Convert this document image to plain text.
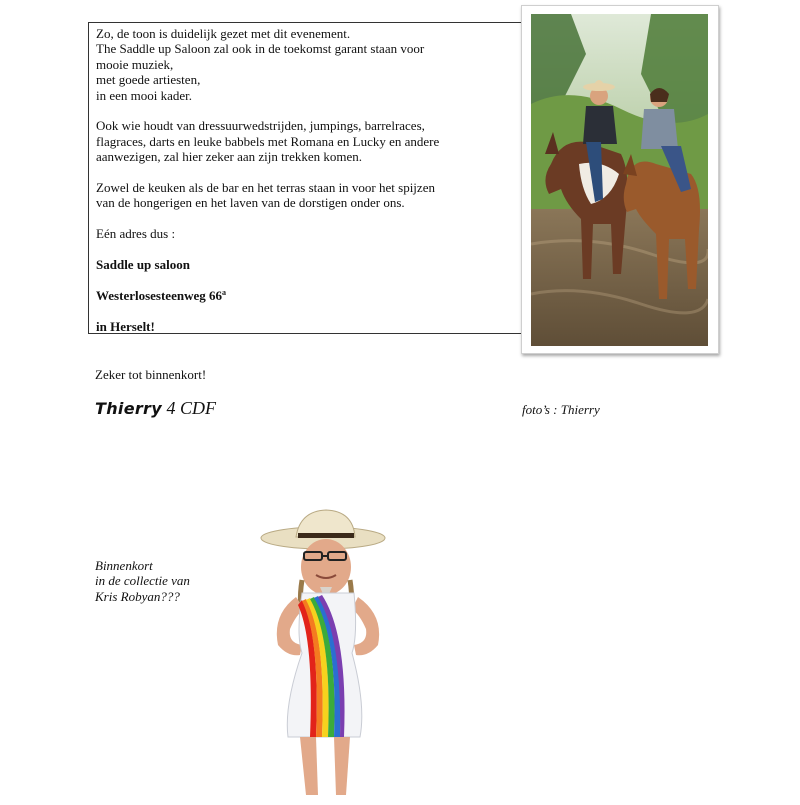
Zo, de toon is duidelijk gezet met dit evenement.
The Saddle up Saloon zal ook in de toekomst garant staan voor
mooie muziek,
met goede artiesten,
in een mooi kader.

Ook wie houdt van dressuurwedstrijden, jumpings, barrelraces,
flagraces, darts en leuke babbels met Romana en Lucky en andere
aanwezigen, zal hier zeker aan zijn trekken komen.

Zowel de keuken als de bar en het terras staan in voor het spijzen
van de hongerigen en het laven van de dorstigen onder ons.

Eén adres dus :

Saddle up saloon

Westerlosesteenweg 66$^a$

in Herselt!

Zeker tot binnenkort!
Thierry 4 CDF	foto’s : Thierry
Binnenkort
in de collectie van
Kris Robyan???
